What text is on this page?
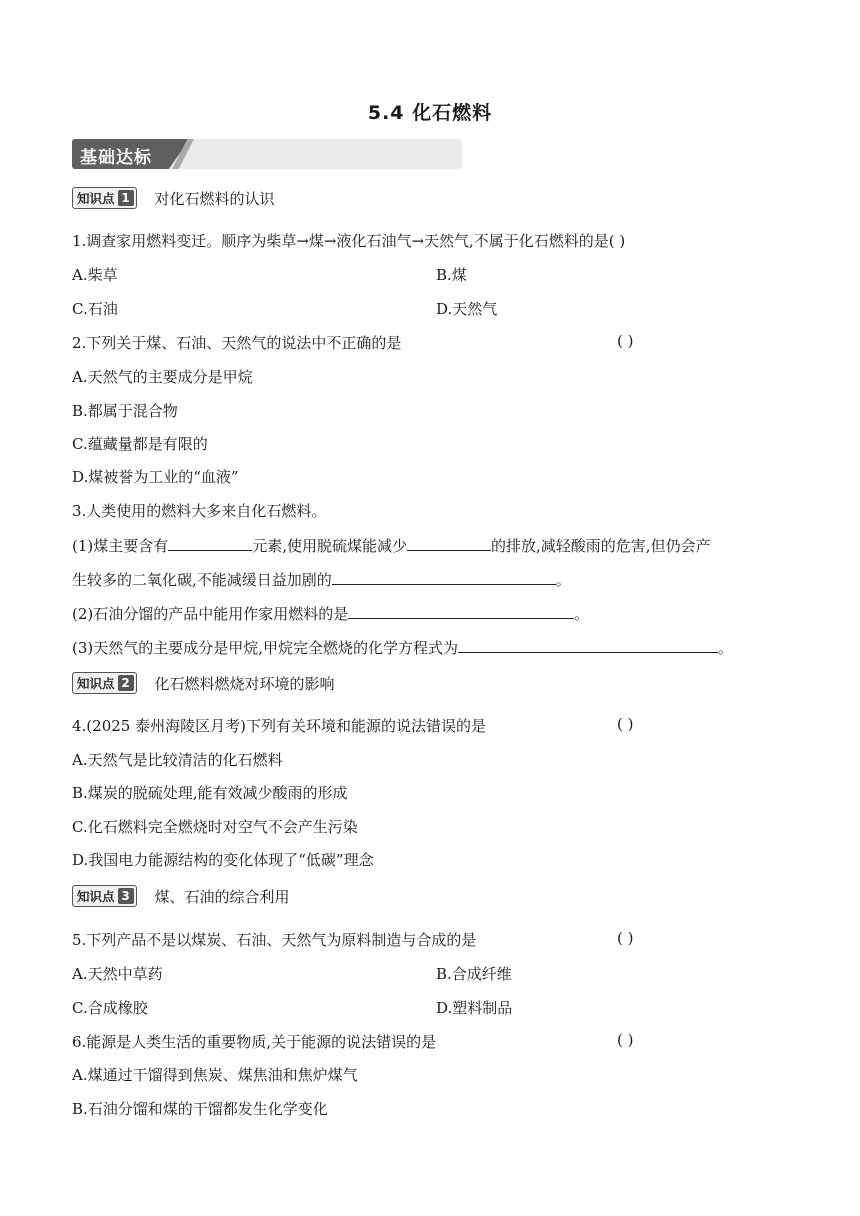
5.4 化石燃料
基础达标
知识点 1 对化石燃料的认识
1.调查家用燃料变迁。顺序为柴草→煤→液化石油气→天然气,不属于化石燃料的是( )
A.柴草	B.煤
C.石油	D.天然气
2.下列关于煤、石油、天然气的说法中不正确的是	( )
A.天然气的主要成分是甲烷
B.都属于混合物
C.蕴藏量都是有限的
D.煤被誉为工业的“血液”
3.人类使用的燃料大多来自化石燃料。
(1)煤主要含有	元素,使用脱硫煤能减少	的排放,减轻酸雨的危害,但仍会产
生较多的二氧化碳,不能减缓日益加剧的	。
(2)石油分馏的产品中能用作家用燃料的是	。
(3)天然气的主要成分是甲烷,甲烷完全燃烧的化学方程式为	。
知识点 2 化石燃料燃烧对环境的影响
4.(2025 泰州海陵区月考)下列有关环境和能源的说法错误的是	( )
A.天然气是比较清洁的化石燃料
B.煤炭的脱硫处理,能有效减少酸雨的形成
C.化石燃料完全燃烧时对空气不会产生污染
D.我国电力能源结构的变化体现了“低碳”理念
知识点 3 煤、石油的综合利用
5.下列产品不是以煤炭、石油、天然气为原料制造与合成的是	( )
A.天然中草药	B.合成纤维
C.合成橡胶	D.塑料制品
6.能源是人类生活的重要物质,关于能源的说法错误的是	( )
A.煤通过干馏得到焦炭、煤焦油和焦炉煤气
B.石油分馏和煤的干馏都发生化学变化
